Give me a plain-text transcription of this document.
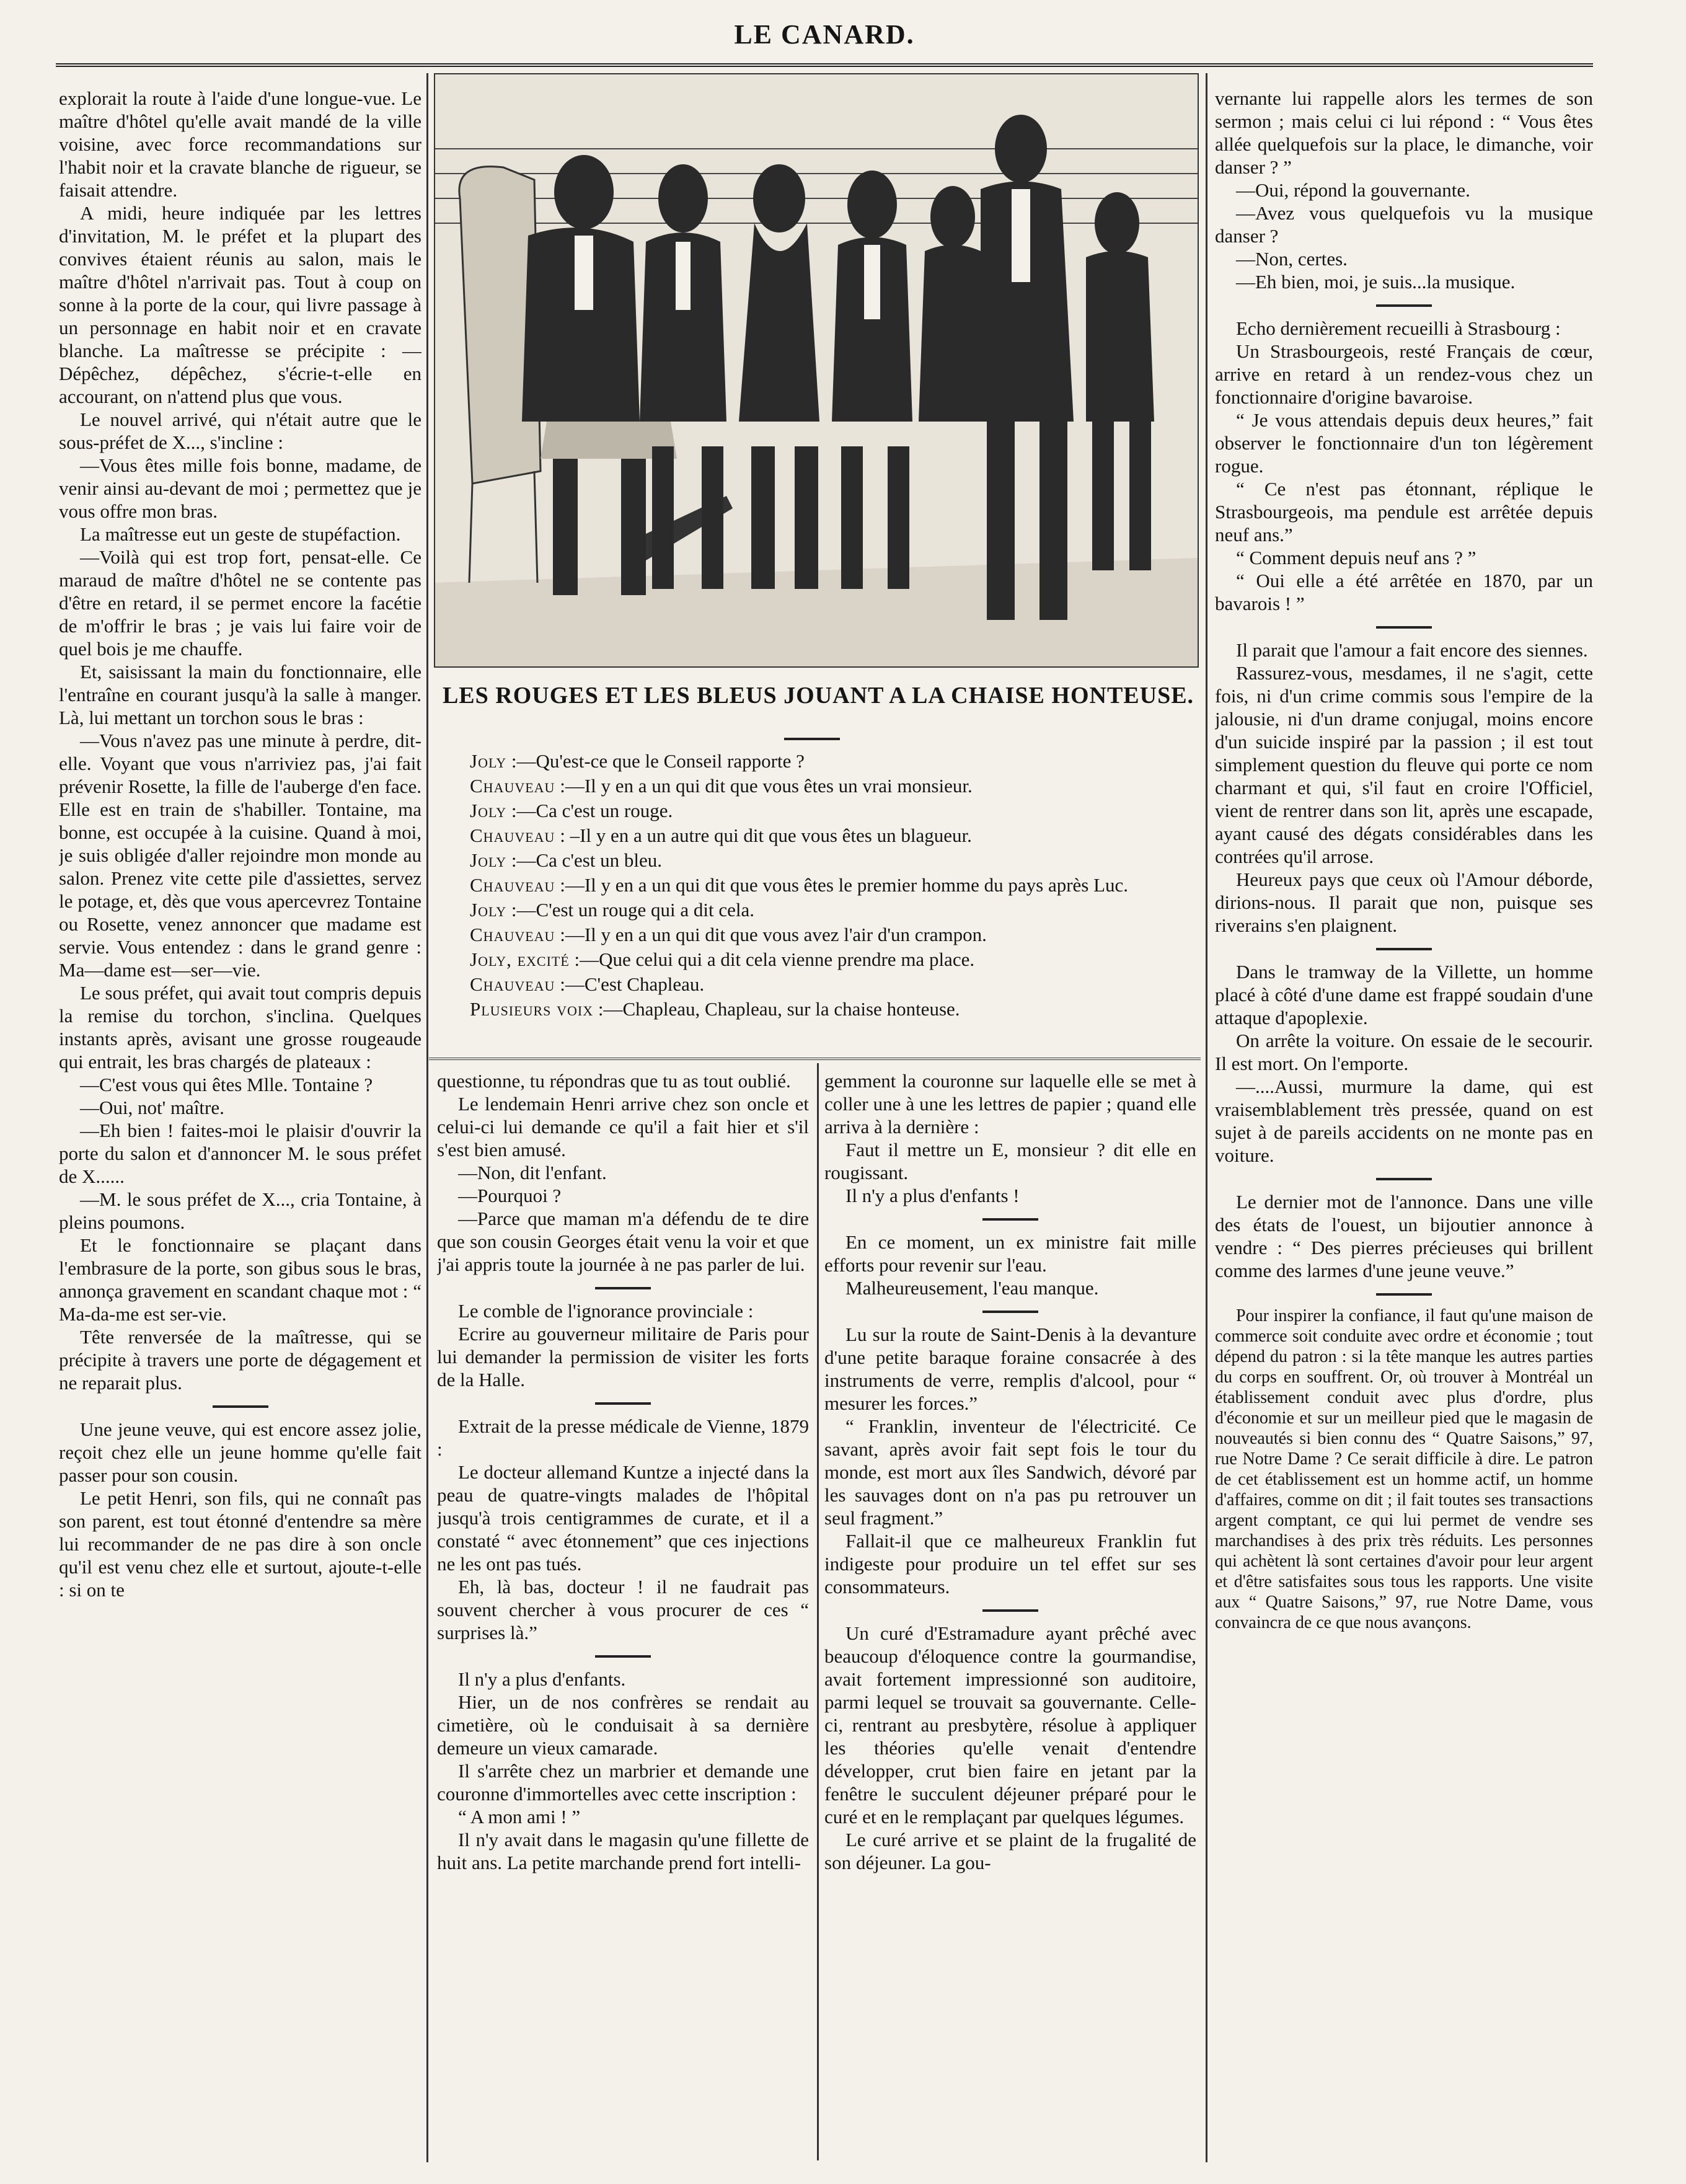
LE CANARD.

explorait la route à l'aide d'une longue-vue. Le maître d'hôtel qu'elle avait mandé de la ville voisine, avec force recommandations sur l'habit noir et la cravate blanche de rigueur, se faisait attendre.

A midi, heure indiquée par les lettres d'invitation, M. le préfet et la plupart des convives étaient réunis au salon, mais le maître d'hôtel n'arrivait pas. Tout à coup on sonne à la porte de la cour, qui livre passage à un personnage en habit noir et en cravate blanche. La maîtresse se précipite : —Dépêchez, dépêchez, s'écrie-t-elle en accourant, on n'attend plus que vous.

Le nouvel arrivé, qui n'était autre que le sous-préfet de X..., s'incline :

—Vous êtes mille fois bonne, madame, de venir ainsi au-devant de moi ; permettez que je vous offre mon bras.

La maîtresse eut un geste de stupéfaction.

—Voilà qui est trop fort, pensat-elle. Ce maraud de maître d'hôtel ne se contente pas d'être en retard, il se permet encore la facétie de m'offrir le bras ; je vais lui faire voir de quel bois je me chauffe.

Et, saisissant la main du fonctionnaire, elle l'entraîne en courant jusqu'à la salle à manger. Là, lui mettant un torchon sous le bras :

—Vous n'avez pas une minute à perdre, dit-elle. Voyant que vous n'arriviez pas, j'ai fait prévenir Rosette, la fille de l'auberge d'en face. Elle est en train de s'habiller. Tontaine, ma bonne, est occupée à la cuisine. Quand à moi, je suis obligée d'aller rejoindre mon monde au salon. Prenez vite cette pile d'assiettes, servez le potage, et, dès que vous apercevrez Tontaine ou Rosette, venez annoncer que madame est servie. Vous entendez : dans le grand genre : Ma—dame est—ser—vie.

Le sous préfet, qui avait tout compris depuis la remise du torchon, s'inclina. Quelques instants après, avisant une grosse rougeaude qui entrait, les bras chargés de plateaux :

—C'est vous qui êtes Mlle. Tontaine ?

—Oui, not' maître.

—Eh bien ! faites-moi le plaisir d'ouvrir la porte du salon et d'annoncer M. le sous préfet de X......

—M. le sous préfet de X..., cria Tontaine, à pleins poumons.

Et le fonctionnaire se plaçant dans l'embrasure de la porte, son gibus sous le bras, annonça gravement en scandant chaque mot : “ Ma-da-me est ser-vie.

Tête renversée de la maîtresse, qui se précipite à travers une porte de dégagement et ne reparait plus.

Une jeune veuve, qui est encore assez jolie, reçoit chez elle un jeune homme qu'elle fait passer pour son cousin.

Le petit Henri, son fils, qui ne connaît pas son parent, est tout étonné d'entendre sa mère lui recommander de ne pas dire à son oncle qu'il est venu chez elle et surtout, ajoute-t-elle : si on te

LES ROUGES ET LES BLEUS JOUANT A LA CHAISE HONTEUSE.

Joly :—Qu'est-ce que le Conseil rapporte ?

Chauveau :—Il y en a un qui dit que vous êtes un vrai monsieur.

Joly :—Ca c'est un rouge.

Chauveau : –Il y en a un autre qui dit que vous êtes un blagueur.

Joly :—Ca c'est un bleu.

Chauveau :—Il y en a un qui dit que vous êtes le premier homme du pays après Luc.

Joly :—C'est un rouge qui a dit cela.

Chauveau :—Il y en a un qui dit que vous avez l'air d'un crampon.

Joly, excité :—Que celui qui a dit cela vienne prendre ma place.

Chauveau :—C'est Chapleau.

Plusieurs voix :—Chapleau, Chapleau, sur la chaise honteuse.

questionne, tu répondras que tu as tout oublié.

Le lendemain Henri arrive chez son oncle et celui-ci lui demande ce qu'il a fait hier et s'il s'est bien amusé.

—Non, dit l'enfant.

—Pourquoi ?

—Parce que maman m'a défendu de te dire que son cousin Georges était venu la voir et que j'ai appris toute la journée à ne pas parler de lui.

Le comble de l'ignorance provinciale :

Ecrire au gouverneur militaire de Paris pour lui demander la permission de visiter les forts de la Halle.

Extrait de la presse médicale de Vienne, 1879 :

Le docteur allemand Kuntze a injecté dans la peau de quatre-vingts malades de l'hôpital jusqu'à trois centigrammes de curate, et il a constaté “ avec étonnement” que ces injections ne les ont pas tués.

Eh, là bas, docteur ! il ne faudrait pas souvent chercher à vous procurer de ces “ surprises là.”

Il n'y a plus d'enfants.

Hier, un de nos confrères se rendait au cimetière, où le conduisait à sa dernière demeure un vieux camarade.

Il s'arrête chez un marbrier et demande une couronne d'immortelles avec cette inscription :

“ A mon ami ! ”

Il n'y avait dans le magasin qu'une fillette de huit ans. La petite marchande prend fort intelli-

gemment la couronne sur laquelle elle se met à coller une à une les lettres de papier ; quand elle arriva à la dernière :

Faut il mettre un E, monsieur ? dit elle en rougissant.

Il n'y a plus d'enfants !

En ce moment, un ex ministre fait mille efforts pour revenir sur l'eau.

Malheureusement, l'eau manque.

Lu sur la route de Saint-Denis à la devanture d'une petite baraque foraine consacrée à des instruments de verre, remplis d'alcool, pour “ mesurer les forces.”

“ Franklin, inventeur de l'électricité. Ce savant, après avoir fait sept fois le tour du monde, est mort aux îles Sandwich, dévoré par les sauvages dont on n'a pas pu retrouver un seul fragment.”

Fallait-il que ce malheureux Franklin fut indigeste pour produire un tel effet sur ses consommateurs.

Un curé d'Estramadure ayant prêché avec beaucoup d'éloquence contre la gourmandise, avait fortement impressionné son auditoire, parmi lequel se trouvait sa gouvernante. Celle-ci, rentrant au presbytère, résolue à appliquer les théories qu'elle venait d'entendre développer, crut bien faire en jetant par la fenêtre le succulent déjeuner préparé pour le curé et en le remplaçant par quelques légumes.

Le curé arrive et se plaint de la frugalité de son déjeuner. La gou-

vernante lui rappelle alors les termes de son sermon ; mais celui ci lui répond : “ Vous êtes allée quelquefois sur la place, le dimanche, voir danser ? ”

—Oui, répond la gouvernante.

—Avez vous quelquefois vu la musique danser ?

—Non, certes.

—Eh bien, moi, je suis...la musique.

Echo dernièrement recueilli à Strasbourg :

Un Strasbourgeois, resté Français de cœur, arrive en retard à un rendez-vous chez un fonctionnaire d'origine bavaroise.

“ Je vous attendais depuis deux heures,” fait observer le fonctionnaire d'un ton légèrement rogue.

“ Ce n'est pas étonnant, réplique le Strasbourgeois, ma pendule est arrêtée depuis neuf ans.”

“ Comment depuis neuf ans ? ”

“ Oui elle a été arrêtée en 1870, par un bavarois ! ”

Il parait que l'amour a fait encore des siennes.

Rassurez-vous, mesdames, il ne s'agit, cette fois, ni d'un crime commis sous l'empire de la jalousie, ni d'un drame conjugal, moins encore d'un suicide inspiré par la passion ; il est tout simplement question du fleuve qui porte ce nom charmant et qui, s'il faut en croire l'Officiel, vient de rentrer dans son lit, après une escapade, ayant causé des dégats considérables dans les contrées qu'il arrose.

Heureux pays que ceux où l'Amour déborde, dirions-nous. Il parait que non, puisque ses riverains s'en plaignent.

Dans le tramway de la Villette, un homme placé à côté d'une dame est frappé soudain d'une attaque d'apoplexie.

On arrête la voiture. On essaie de le secourir. Il est mort. On l'emporte.

—....Aussi, murmure la dame, qui est vraisemblablement très pressée, quand on est sujet à de pareils accidents on ne monte pas en voiture.

Le dernier mot de l'annonce. Dans une ville des états de l'ouest, un bijoutier annonce à vendre : “ Des pierres précieuses qui brillent comme des larmes d'une jeune veuve.”

Pour inspirer la confiance, il faut qu'une maison de commerce soit conduite avec ordre et économie ; tout dépend du patron : si la tête manque les autres parties du corps en souffrent. Or, où trouver à Montréal un établissement conduit avec plus d'ordre, plus d'économie et sur un meilleur pied que le magasin de nouveautés si bien connu des “ Quatre Saisons,” 97, rue Notre Dame ? Ce serait difficile à dire. Le patron de cet établissement est un homme actif, un homme d'affaires, comme on dit ; il fait toutes ses transactions argent comptant, ce qui lui permet de vendre ses marchandises à des prix très réduits. Les personnes qui achètent là sont certaines d'avoir pour leur argent et d'être satisfaites sous tous les rapports. Une visite aux “ Quatre Saisons,” 97, rue Notre Dame, vous convaincra de ce que nous avançons.
